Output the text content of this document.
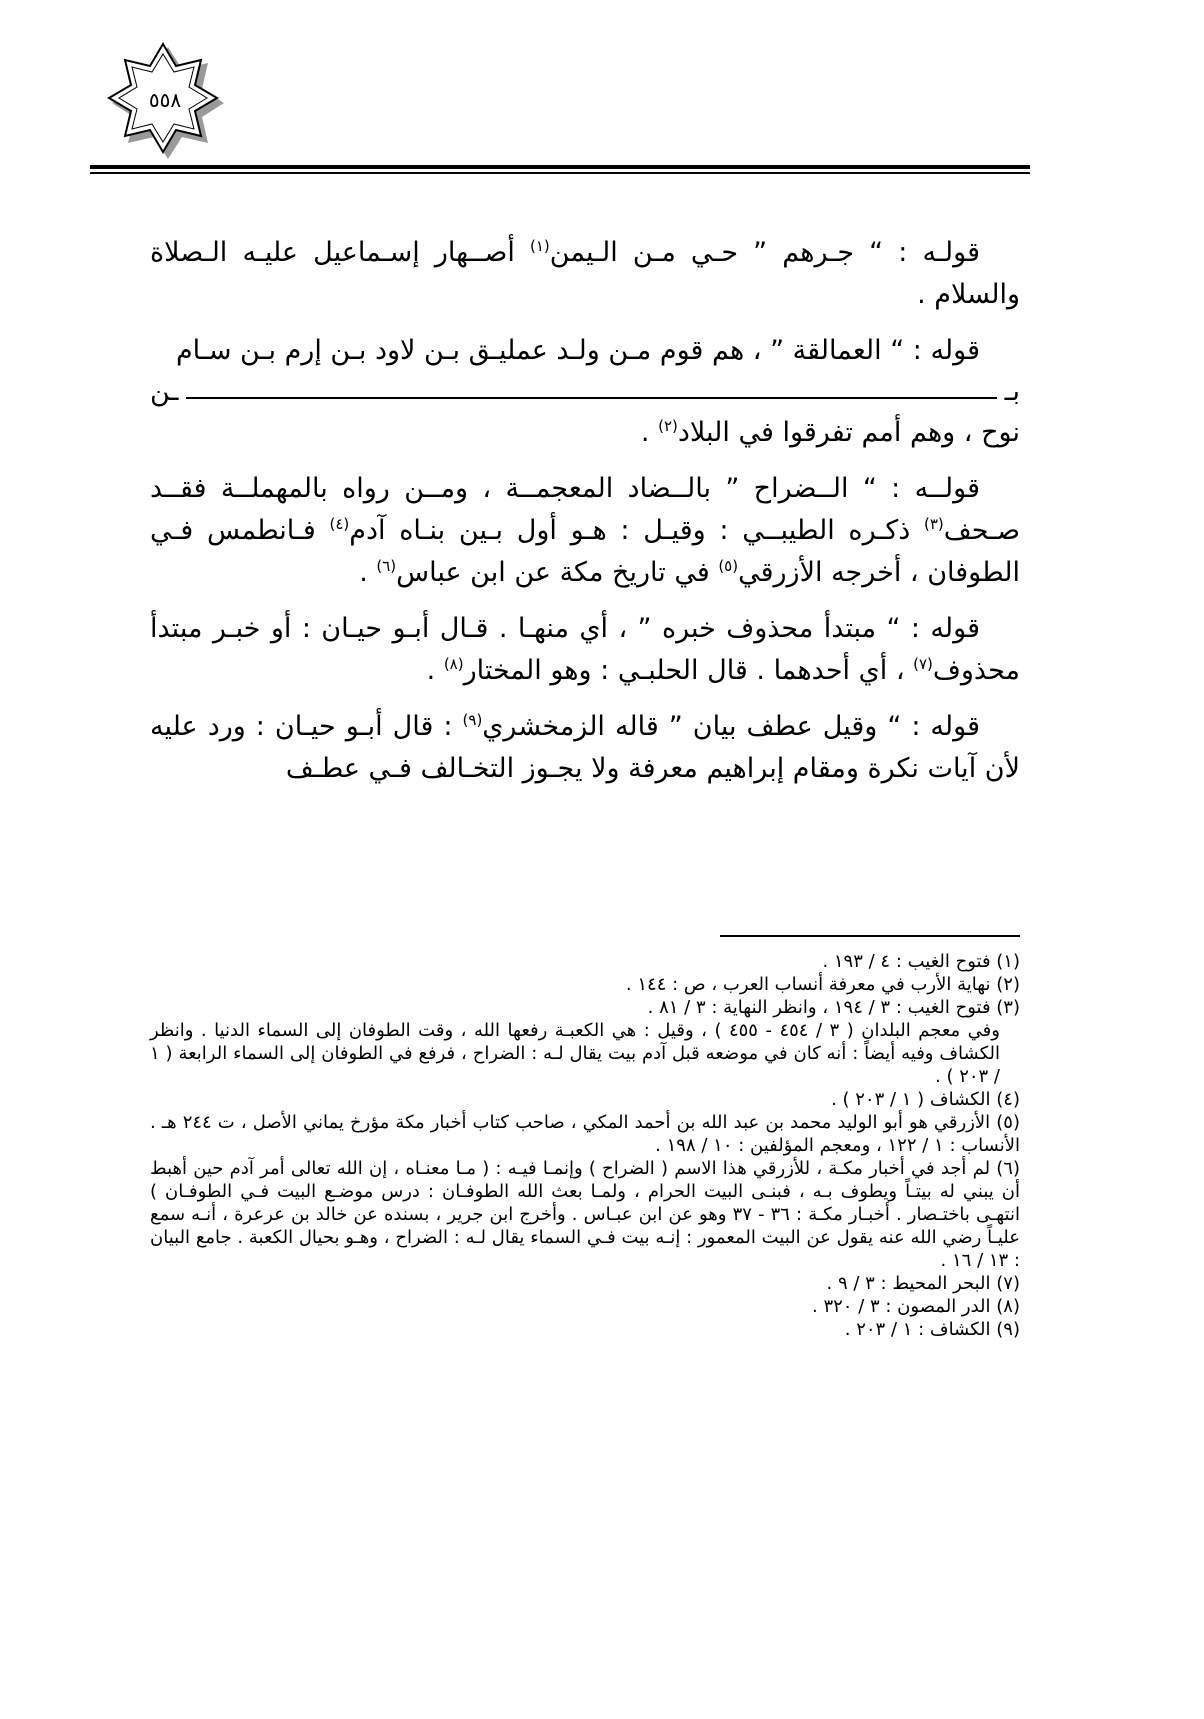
٥٥٨

قولـه : “ جـرهم ” حـي مـن الـيمن$^{(١)}$ أصــهار إسـماعيل عليـه الـصلاة والسلام .

قوله : “ العمالقة ” ، هم قوم مـن ولـد عمليـق بـن لاود بـن إرم بـن سـام

بـ
ـن

نوح ، وهم أمم تفرقوا في البلاد$^{(٢)}$ .

قولــه : “ الــضراح ” بالــضاد المعجمــة ، ومــن رواه بالمهملــة فقــد صـحف$^{(٣)}$ ذكـره الطيبــي : وقيـل : هـو أول بـين بنـاه آدم$^{(٤)}$ فـانطمس فـي الطوفان ، أخرجه الأزرقي$^{(٥)}$ في تاريخ مكة عن ابن عباس$^{(٦)}$ .

قوله : “ مبتدأ محذوف خبره ” ، أي منهـا . قـال أبـو حيـان : أو خبـر مبتدأ محذوف$^{(٧)}$ ، أي أحدهما . قال الحلبـي : وهو المختار$^{(٨)}$ .

قوله : “ وقيل عطف بيان ” قاله الزمخشري$^{(٩)}$ : قال أبـو حيـان : ورد عليه لأن آيات نكرة ومقام إبراهيم معرفة ولا يجـوز التخـالف فـي عطـف

(١) فتوح الغيب : ٤ / ١٩٣ .

(٢) نهاية الأرب في معرفة أنساب العرب ، ص : ١٤٤ .

(٣) فتوح الغيب : ٣ / ١٩٤ ، وانظر النهاية : ٣ / ٨١ .

وفي معجم البلدان ( ٣ / ٤٥٤ - ٤٥٥ ) ، وقيل : هي الكعبـة رفعها الله ، وقت الطوفان إلى السماء الدنيا . وانظر الكشاف وفيه أيضاً : أنه كان في موضعه قبل آدم بيت يقال لـه : الضراح ، فرفع في الطوفان إلى السماء الرابعة ( ١ / ٢٠٣ ) .

(٤) الكشاف ( ١ / ٢٠٣ ) .

(٥) الأزرقي هو أبو الوليد محمد بن عبد الله بن أحمد المكي ، صاحب كتاب أخبار مكة مؤرخ يماني الأصل ، ت ٢٤٤ هـ . الأنساب : ١ / ١٢٢ ، ومعجم المؤلفين : ١٠ / ١٩٨ .

(٦) لم أجد في أخبار مكـة ، للأزرقي هذا الاسم ( الضراح ) وإنمـا فيـه : ( مـا معنـاه ، إن الله تعالى أمر آدم حين أهبط أن يبني له بيتـاً ويطوف بـه ، فبنـى البيت الحرام ، ولمـا بعث الله الطوفـان : درس موضـع البيت فـي الطوفـان ) انتهـى باختـصار . أخبـار مكـة : ٣٦ - ٣٧ وهو عن ابن عبـاس . وأخرج ابن جرير ، بسنده عن خالد بن عرعرة ، أنـه سمع عليـاً رضي الله عنه يقول عن البيت المعمور : إنـه بيت فـي السماء يقال لـه : الضراح ، وهـو بحيال الكعبة . جامع البيان : ١٣ / ١٦ .

(٧) البحر المحيط : ٣ / ٩ .

(٨) الدر المصون : ٣ / ٣٢٠ .

(٩) الكشاف : ١ / ٢٠٣ .
